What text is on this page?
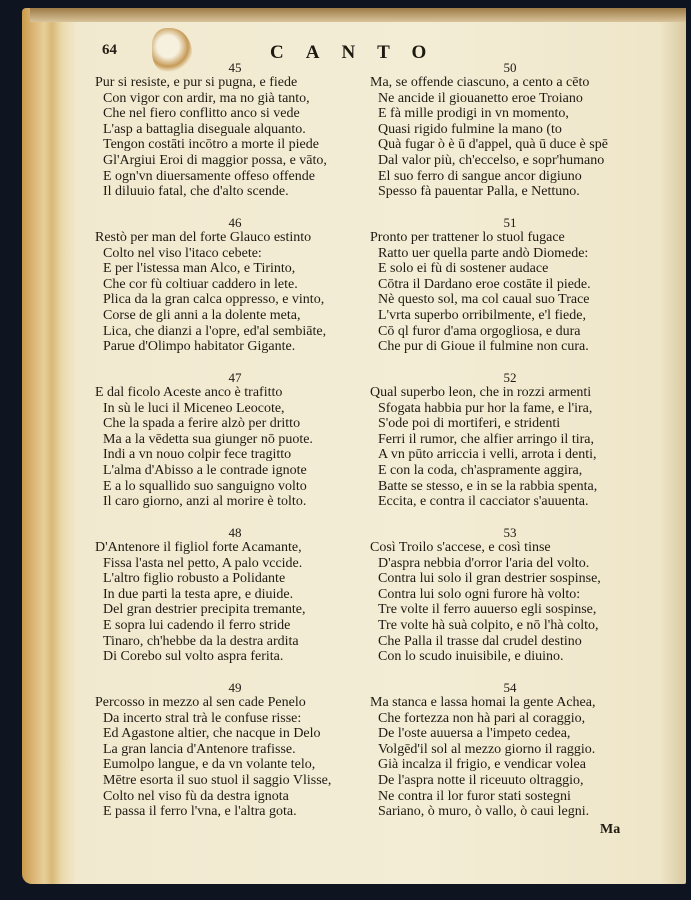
64	CANTO
45
Pur si resiste, e pur si pugna, e fiede
Con vigor con ardir, ma no già tanto,
Che nel fiero conflitto anco si vede
L'asp a battaglia diseguale alquanto.
Tengon costāti incōtro a morte il piede
Gl'Argiui Eroi di maggior possa, e vāto,
E ogn'vn diuersamente offeso offende
Il diluuio fatal, che d'alto scende.
46
Restò per man del forte Glauco estinto
Colto nel viso l'itaco cebete:
E per l'istessa man Alco, e Tirinto,
Che cor fù coltiuar caddero in lete.
Plica da la gran calca oppresso, e vinto,
Corse de gli anni a la dolente meta,
Lica, che dianzi a l'opre, ed'al sembiāte,
Parue d'Olimpo habitator Gigante.
47
E dal ficolo Aceste anco è trafitto
In sù le luci il Miceneo Leocote,
Che la spada a ferire alzò per dritto
Ma a la vēdetta sua giunger nō puote.
Indi a vn nouo colpir fece tragitto
L'alma d'Abisso a le contrade ignote
E a lo squallido suo sanguigno volto
Il caro giorno, anzi al morire è tolto.
48
D'Antenore il figliol forte Acamante,
Fissa l'asta nel petto, A palo vccide.
L'altro figlio robusto a Polidante
In due parti la testa apre, e diuide.
Del gran destrier precipita tremante,
E sopra lui cadendo il ferro stride
Tinaro, ch'hebbe da la destra ardita
Di Corebo sul volto aspra ferita.
49
Percosso in mezzo al sen cade Penelo
Da incerto stral trà le confuse risse:
Ed Agastone altier, che nacque in Delo
La gran lancia d'Antenore trafisse.
Eumolpo langue, e da vn volante telo,
Mētre esorta il suo stuol il saggio Vlisse,
Colto nel viso fù da destra ignota
E passa il ferro l'vna, e l'altra gota.
50
Ma, se offende ciascuno, a cento a cēto
Ne ancide il giouanetto eroe Troiano
E fà mille prodigi in vn momento,
Quasi rigido fulmine la mano (to
Quà fugar ò è ū d'appel, quà ū duce è spē
Dal valor più, ch'eccelso, e sopr'humano
El suo ferro di sangue ancor digiuno
Spesso fà pauentar Palla, e Nettuno.
51
Pronto per trattener lo stuol fugace
Ratto uer quella parte andò Diomede:
E solo ei fù di sostener audace
Cōtra il Dardano eroe costāte il piede.
Nè questo sol, ma col caual suo Trace
L'vrta superbo orribilmente, e'l fiede,
Cō ql furor d'ama orgogliosa, e dura
Che pur di Gioue il fulmine non cura.
52
Qual superbo leon, che in rozzi armenti
Sfogata habbia pur hor la fame, e l'ira,
S'ode poi di mortiferi, e stridenti
Ferri il rumor, che alfier arringo il tira,
A vn pūto arriccia i velli, arrota i denti,
E con la coda, ch'aspramente aggira,
Batte se stesso, e in se la rabbia spenta,
Eccita, e contra il cacciator s'auuenta.
53
Così Troilo s'accese, e così tinse
D'aspra nebbia d'orror l'aria del volto.
Contra lui solo il gran destrier sospinse,
Contra lui solo ogni furore hà volto:
Tre volte il ferro auuerso egli sospinse,
Tre volte hà suà colpito, e nō l'hà colto,
Che Palla il trasse dal crudel destino
Con lo scudo inuisibile, e diuino.
54
Ma stanca e lassa homai la gente Achea,
Che fortezza non hà pari al coraggio,
De l'oste auuersa a l'impeto cedea,
Volgēd'il sol al mezzo giorno il raggio.
Già incalza il frigio, e vendicar volea
De l'aspra notte il riceuuto oltraggio,
Ne contra il lor furor stati sostegni
Sariano, ò muro, ò vallo, ò caui legni.
Ma
